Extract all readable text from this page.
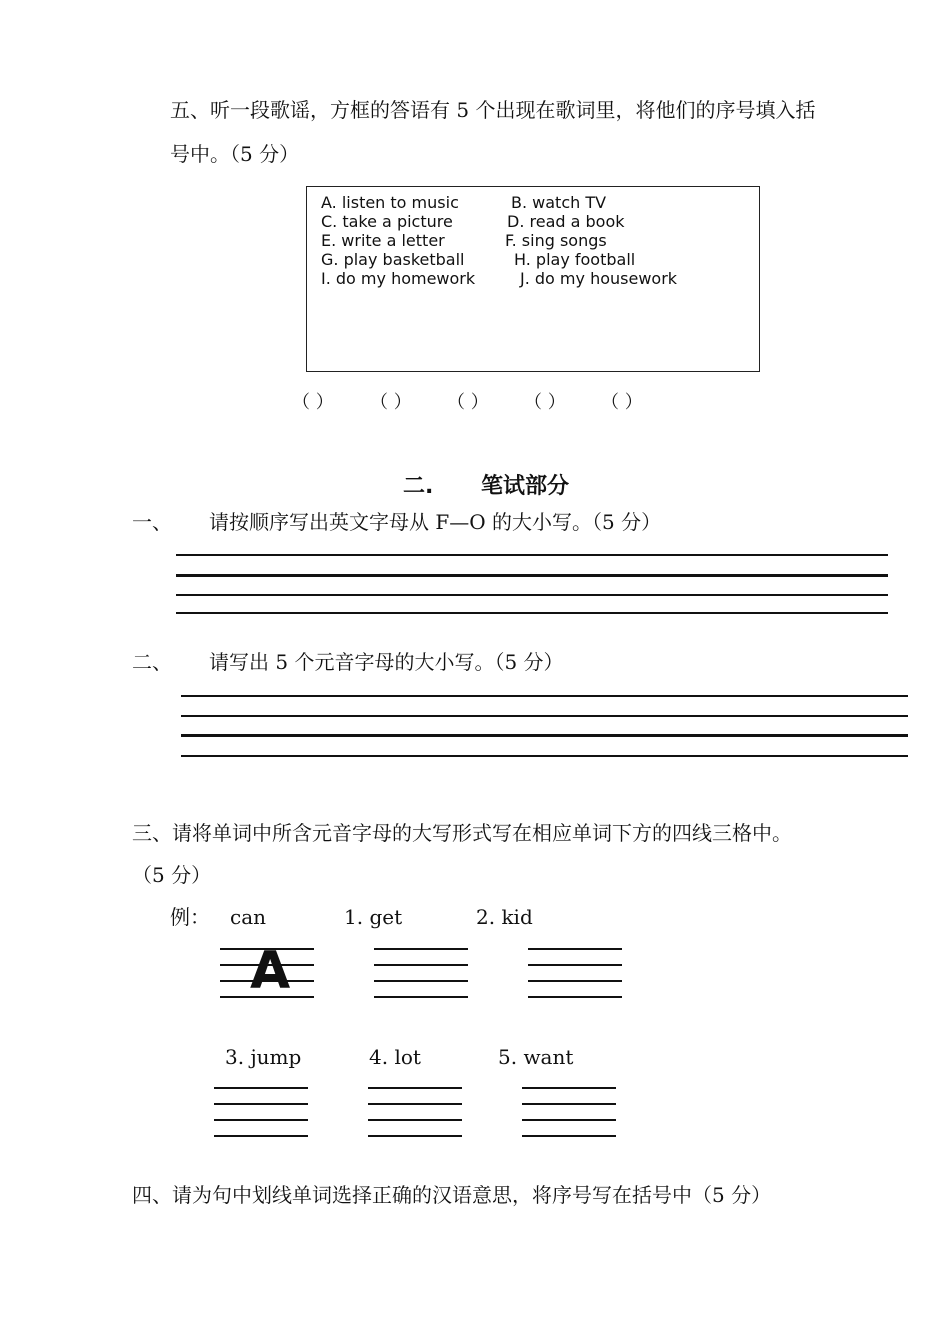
五、听一段歌谣，方框的答语有 5 个出现在歌词里，将他们的序号填入括
号中。（5 分）
A. listen to music	B. watch TV
C. take a picture	D. read a book
E. write a letter	F. sing songs
G. play basketball	H. play football
I. do my homework	J. do my housework
（ ） （ ） （ ） （ ） （ ）
二. 笔试部分
一、 请按顺序写出英文字母从 F—O 的大小写。（5 分）
二、 请写出 5 个元音字母的大小写。（5 分）
三、请将单词中所含元音字母的大写形式写在相应单词下方的四线三格中。
（5 分）
例： can	1. get	2. kid
A
3. jump	4. lot	5. want
四、请为句中划线单词选择正确的汉语意思，将序号写在括号中（5 分）
